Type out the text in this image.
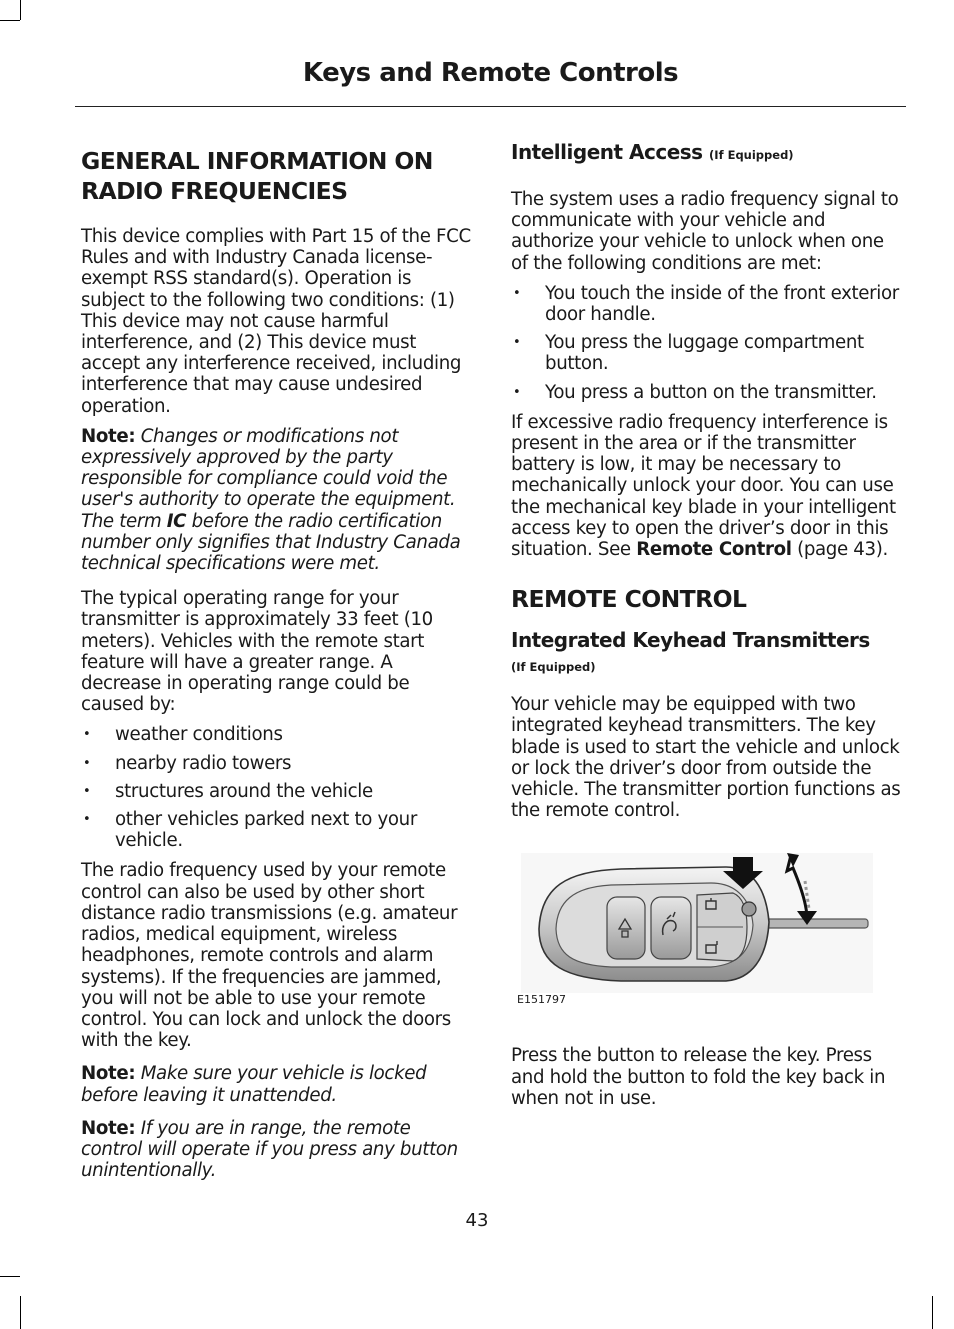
Keys and Remote Controls
GENERAL INFORMATION ON RADIO FREQUENCIES

This device complies with Part 15 of the FCC Rules and with Industry Canada license-exempt RSS standard(s). Operation is subject to the following two conditions: (1) This device may not cause harmful interference, and (2) This device must accept any interference received, including interference that may cause undesired operation.

Note: Changes or modifications not expressively approved by the party responsible for compliance could void the user's authority to operate the equipment. The term IC before the radio certification number only signifies that Industry Canada technical specifications were met.

The typical operating range for your transmitter is approximately 33 feet (10 meters). Vehicles with the remote start feature will have a greater range. A decrease in operating range could be caused by:

• weather conditions
• nearby radio towers
• structures around the vehicle
• other vehicles parked next to your vehicle.

The radio frequency used by your remote control can also be used by other short distance radio transmissions (e.g. amateur radios, medical equipment, wireless headphones, remote controls and alarm systems). If the frequencies are jammed, you will not be able to use your remote control. You can lock and unlock the doors with the key.

Note: Make sure your vehicle is locked before leaving it unattended.

Note: If you are in range, the remote control will operate if you press any button unintentionally.

Intelligent Access (If Equipped)

The system uses a radio frequency signal to communicate with your vehicle and authorize your vehicle to unlock when one of the following conditions are met:

• You touch the inside of the front exterior door handle.
• You press the luggage compartment button.
• You press a button on the transmitter.

If excessive radio frequency interference is present in the area or if the transmitter battery is low, it may be necessary to mechanically unlock your door. You can use the mechanical key blade in your intelligent access key to open the driver’s door in this situation. See Remote Control (page 43).

REMOTE CONTROL
Integrated Keyhead Transmitters
(If Equipped)

Your vehicle may be equipped with two integrated keyhead transmitters. The key blade is used to start the vehicle and unlock or lock the driver’s door from outside the vehicle. The transmitter portion functions as the remote control.

E151797

Press the button to release the key. Press and hold the button to fold the key back in when not in use.

43
